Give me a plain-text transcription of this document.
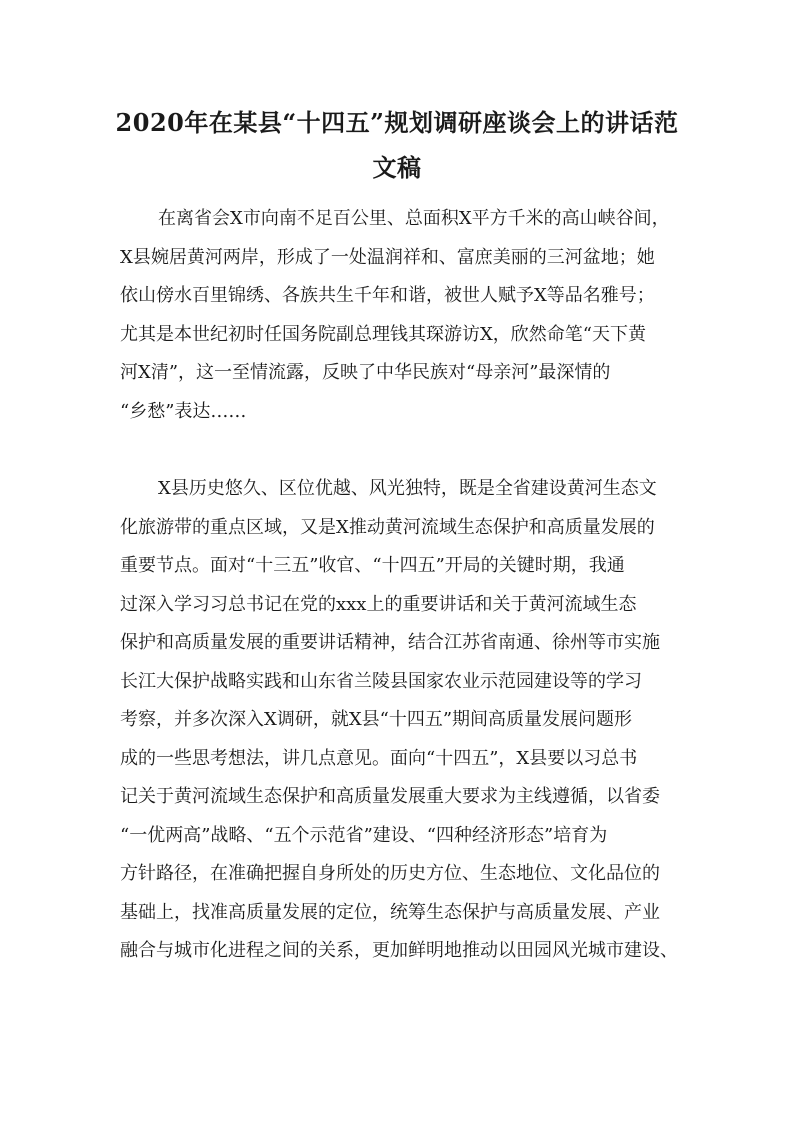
2020年在某县“十四五”规划调研座谈会上的讲话范
文稿
在离省会X市向南不足百公里、总面积X平方千米的高山峡谷间，
X县婉居黄河两岸，形成了一处温润祥和、富庶美丽的三河盆地；她
依山傍水百里锦绣、各族共生千年和谐，被世人赋予X等品名雅号；
尤其是本世纪初时任国务院副总理钱其琛游访X，欣然命笔“天下黄
河X清”，这一至情流露，反映了中华民族对“母亲河”最深情的
“乡愁”表达……
X县历史悠久、区位优越、风光独特，既是全省建设黄河生态文
化旅游带的重点区域，又是X推动黄河流域生态保护和高质量发展的
重要节点。面对“十三五”收官、“十四五”开局的关键时期，我通
过深入学习习总书记在党的xxx上的重要讲话和关于黄河流域生态
保护和高质量发展的重要讲话精神，结合江苏省南通、徐州等市实施
长江大保护战略实践和山东省兰陵县国家农业示范园建设等的学习
考察，并多次深入X调研，就X县“十四五”期间高质量发展问题形
成的一些思考想法，讲几点意见。面向“十四五”，X县要以习总书
记关于黄河流域生态保护和高质量发展重大要求为主线遵循，以省委
“一优两高”战略、“五个示范省”建设、“四种经济形态”培育为
方针路径，在准确把握自身所处的历史方位、生态地位、文化品位的
基础上，找准高质量发展的定位，统筹生态保护与高质量发展、产业
融合与城市化进程之间的关系，更加鲜明地推动以田园风光城市建设、
